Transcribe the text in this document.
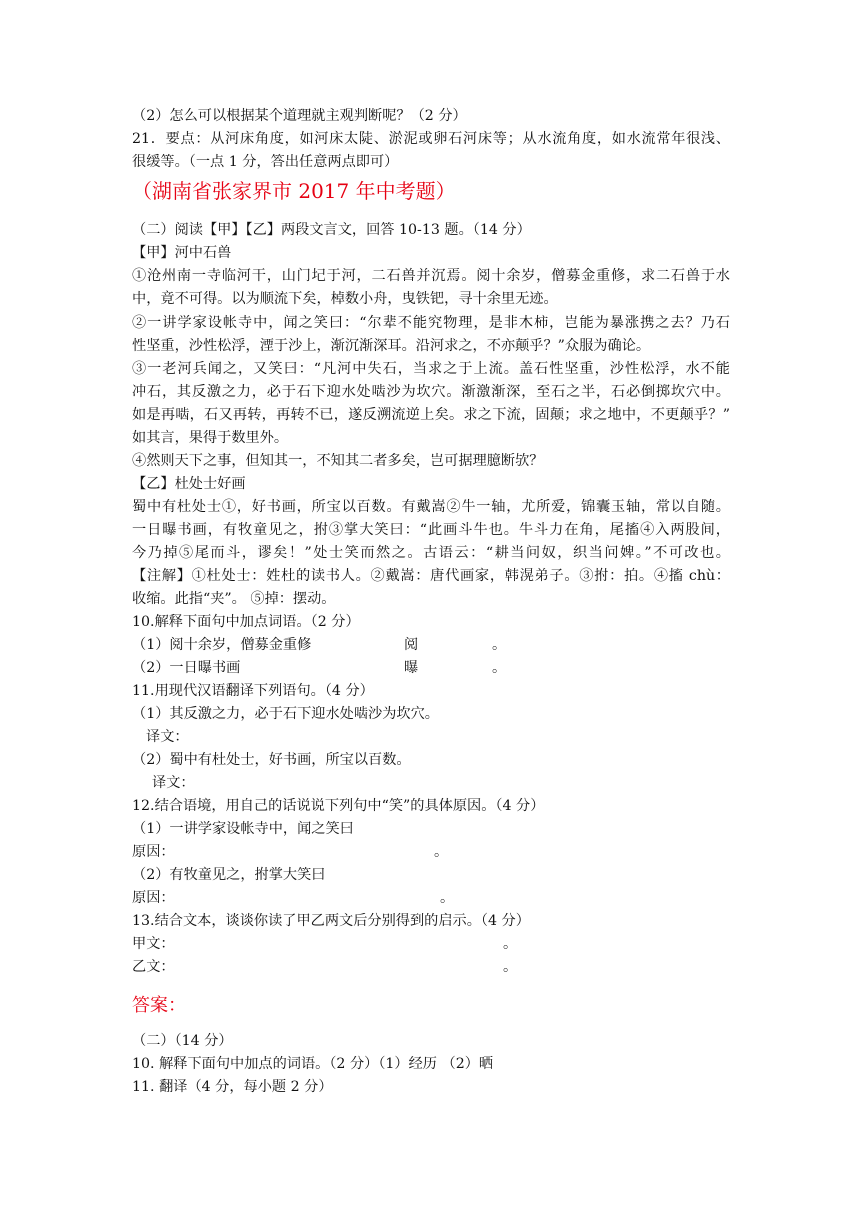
（2）怎么可以根据某个道理就主观判断呢？（2 分）
21．要点：从河床角度，如河床太陡、淤泥或卵石河床等；从水流角度，如水流常年很浅、
很缓等。（一点 1 分，答出任意两点即可）
（湖南省张家界市 2017 年中考题）
（二）阅读【甲】【乙】两段文言文，回答 10-13 题。（14 分）
【甲】河中石兽
①沧州南一寺临河干，山门圮于河，二石兽并沉焉。阅十余岁，僧募金重修，求二石兽于水
中，竟不可得。以为顺流下矣，棹数小舟，曳铁钯，寻十余里无迹。
②一讲学家设帐寺中，闻之笑曰：“尔辈不能究物理，是非木柿，岂能为暴涨携之去？乃石
性坚重，沙性松浮，湮于沙上，渐沉渐深耳。沿河求之，不亦颠乎？”众服为确论。
③一老河兵闻之，又笑曰：“凡河中失石，当求之于上流。盖石性坚重，沙性松浮，水不能
冲石，其反激之力，必于石下迎水处啮沙为坎穴。渐激渐深，至石之半，石必倒掷坎穴中。
如是再啮，石又再转，再转不已，遂反溯流逆上矣。求之下流，固颠；求之地中，不更颠乎？”
如其言，果得于数里外。
④然则天下之事，但知其一，不知其二者多矣，岂可据理臆断欤？
【乙】杜处士好画
蜀中有杜处士①，好书画，所宝以百数。有戴嵩②牛一轴，尤所爱，锦囊玉轴，常以自随。
一日曝书画，有牧童见之，拊③掌大笑曰：“此画斗牛也。牛斗力在角，尾搐④入两股间，
今乃掉⑤尾而斗，谬矣！”处士笑而然之。古语云：“耕当问奴，织当问婢。”不可改也。
【注解】①杜处士：姓杜的读书人。②戴嵩：唐代画家，韩滉弟子。③拊：拍。④搐 chù：
收缩。此指“夹”。 ⑤掉：摆动。
10.解释下面句中加点词语。（2 分）
（1）阅十余岁，僧募金重修	阅	。
（2）一日曝书画	曝	。
11.用现代汉语翻译下列语句。（4 分）
（1）其反激之力，必于石下迎水处啮沙为坎穴。
译文：
（2）蜀中有杜处士，好书画，所宝以百数。
译文：
12.结合语境，用自己的话说说下列句中“笑”的具体原因。（4 分）
（1）一讲学家设帐寺中，闻之笑曰
原因：	。
（2）有牧童见之，拊掌大笑曰
原因：	。
13.结合文本，谈谈你读了甲乙两文后分别得到的启示。（4 分）
甲文：	。
乙文：	。
答案：
（二）（14 分）
10. 解释下面句中加点的词语。（2 分）（1）经历 （2）晒
11. 翻译（4 分，每小题 2 分）
